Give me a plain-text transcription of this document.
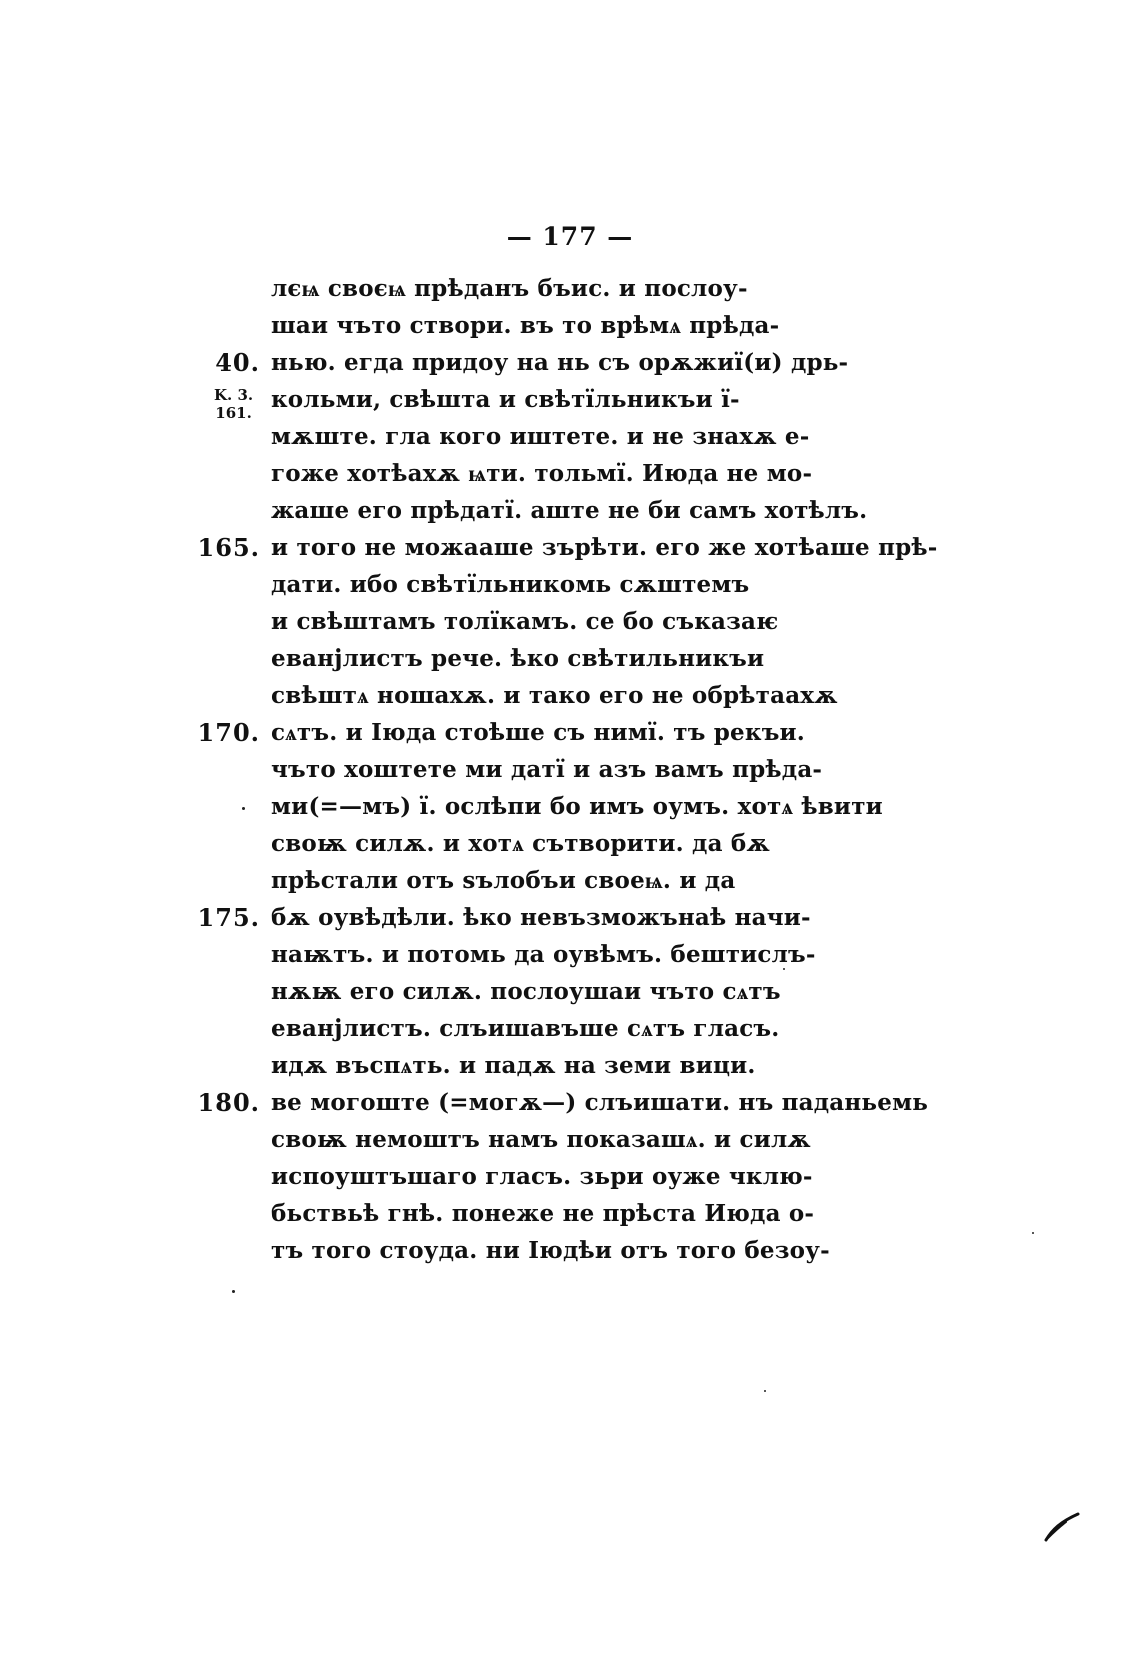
— 177 —
K. 3.
161.
лєѩ своєѩ прѣданъ бъис. и послоу-
шаи чъто створи. въ то врѣмѧ прѣда-
40. нью. егда придоу на нь съ орѫжиї(и) дрь-
кольми, свѣшта и свѣтїльникъи ї-
мѫште. гла кого иштете. и не знахѫ е-
гоже хотѣахѫ ѩти. тольмї. Июда не мо-
жаше его прѣдатї. аште не би самъ хотѣлъ.
165. и того не можааше зърѣти. его же хотѣаше прѣ-
дати. ибо свѣтїльникомь сѫштемъ
и свѣштамъ толїкамъ. се бо съказаѥ
еванјлистъ рече. ѣко свѣтильникъи
свѣштѧ ношахѫ. и тако его не обрѣтаахѫ
170. сѧтъ. и Іюда стоѣше съ нимї. тъ рекъи.
чъто хоштете ми датї и азъ вамъ прѣда-
ми(=—мъ) ї. ослѣпи бо имъ оумъ. хотѧ ѣвити
своѭ силѫ. и хотѧ сътворити. да бѫ
прѣстали отъ ѕълобъи своеѩ. и да
175. бѫ оувѣдѣли. ѣко невъзможънаѣ начи-
наѭтъ. и потомь да оувѣмъ. бештислъ-
нѫѭ его силѫ. послоушаи чъто сѧтъ
еванјлистъ. слъишавъше сѧтъ гласъ.
идѫ въспѧть. и падѫ на земи вици.
180. ве могоште (=могѫ—) слъишати. нъ паданьемь
своѭ немоштъ намъ показашѧ. и силѫ
испоуштъшаго гласъ. зьри оуже чклю-
бьствьѣ гнѣ. понеже не прѣста Июда о-
тъ того стоуда. ни Іюдѣи отъ того безоу-
